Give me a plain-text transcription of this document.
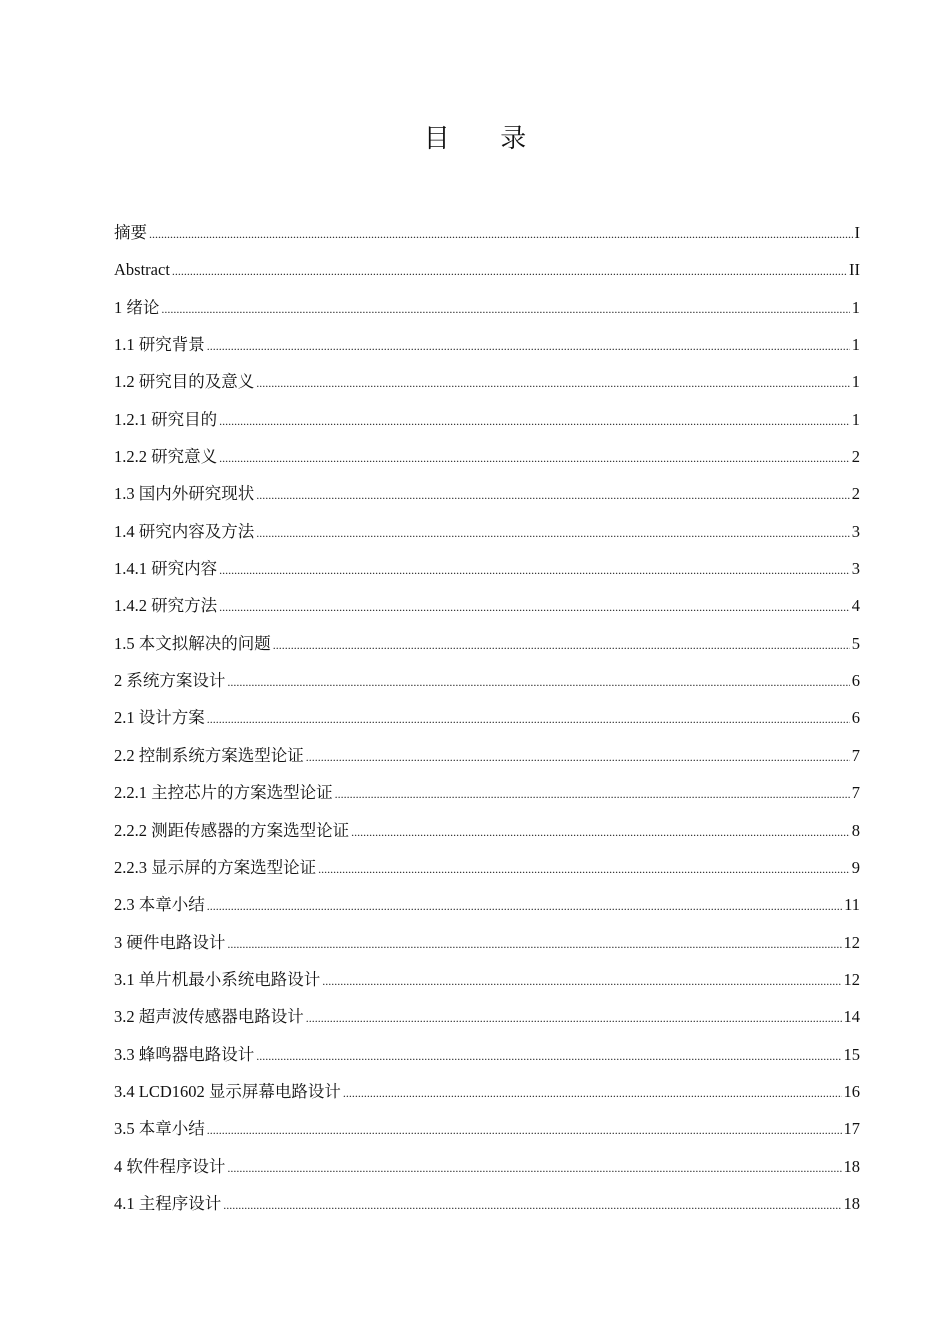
目 录
摘要 .....	I
Abstract .....	II
1 绪论 .....	1
1.1 研究背景 .....	1
1.2 研究目的及意义 .....	1
1.2.1 研究目的 .....	1
1.2.2 研究意义 .....	2
1.3 国内外研究现状 .....	2
1.4 研究内容及方法 .....	3
1.4.1 研究内容 .....	3
1.4.2 研究方法 .....	4
1.5 本文拟解决的问题 .....	5
2 系统方案设计 .....	6
2.1 设计方案 .....	6
2.2 控制系统方案选型论证 .....	7
2.2.1 主控芯片的方案选型论证 .....	7
2.2.2 测距传感器的方案选型论证 .....	8
2.2.3 显示屏的方案选型论证 .....	9
2.3 本章小结 .....	11
3 硬件电路设计 .....	12
3.1 单片机最小系统电路设计 .....	12
3.2 超声波传感器电路设计 .....	14
3.3 蜂鸣器电路设计 .....	15
3.4 LCD1602 显示屏幕电路设计 .....	16
3.5 本章小结 .....	17
4 软件程序设计 .....	18
4.1 主程序设计 .....	18
